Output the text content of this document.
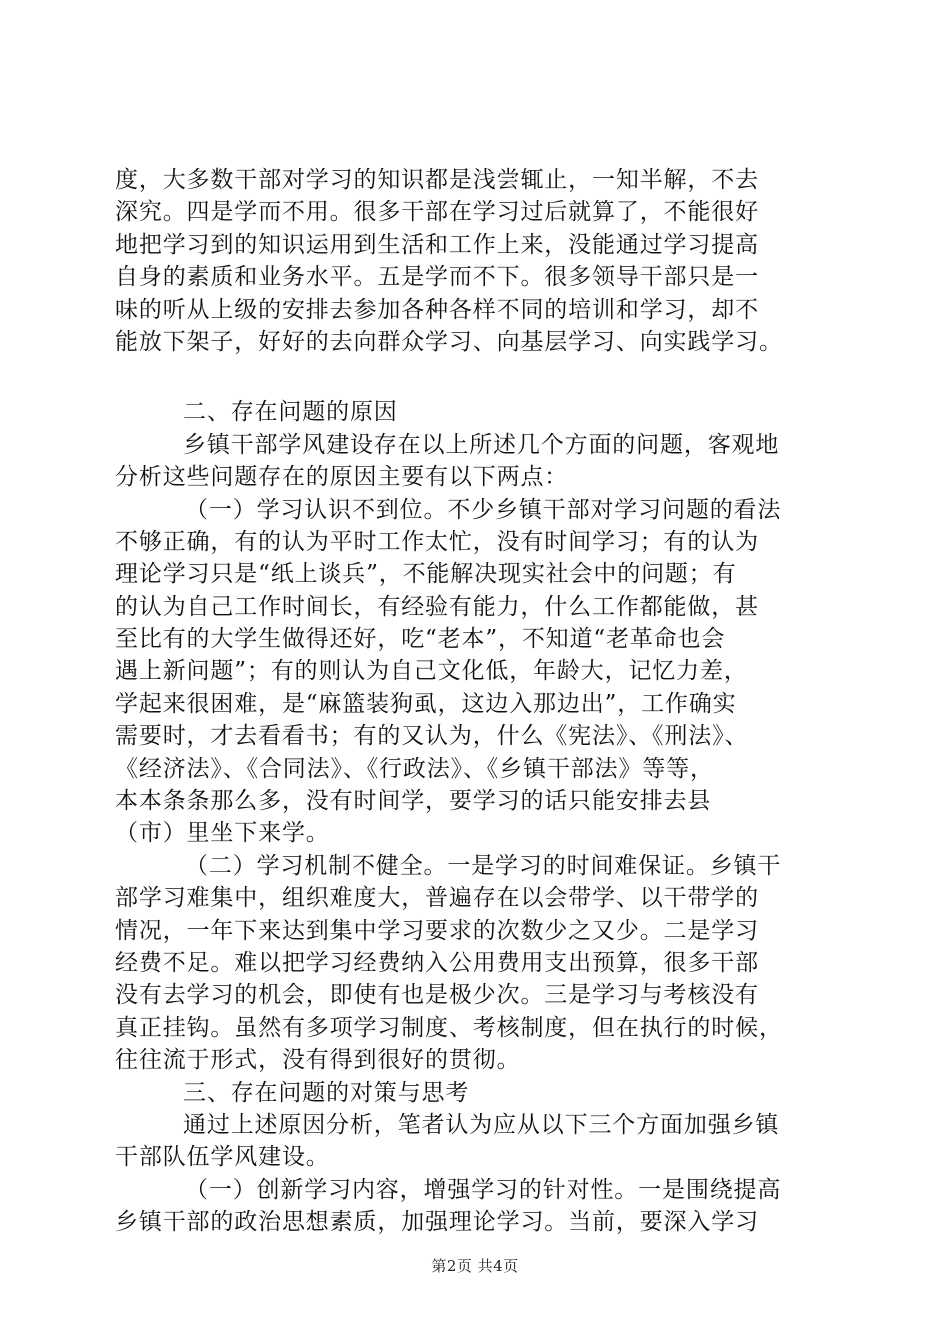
度，大多数干部对学习的知识都是浅尝辄止，一知半解，不去
深究。四是学而不用。很多干部在学习过后就算了，不能很好
地把学习到的知识运用到生活和工作上来，没能通过学习提高
自身的素质和业务水平。五是学而不下。很多领导干部只是一
味的听从上级的安排去参加各种各样不同的培训和学习，却不
能放下架子，好好的去向群众学习、向基层学习、向实践学习。
二、存在问题的原因
乡镇干部学风建设存在以上所述几个方面的问题，客观地
分析这些问题存在的原因主要有以下两点：
（一）学习认识不到位。不少乡镇干部对学习问题的看法
不够正确，有的认为平时工作太忙，没有时间学习；有的认为
理论学习只是“纸上谈兵”，不能解决现实社会中的问题；有
的认为自己工作时间长，有经验有能力，什么工作都能做，甚
至比有的大学生做得还好，吃“老本”，不知道“老革命也会
遇上新问题”；有的则认为自己文化低，年龄大，记忆力差，
学起来很困难，是“麻篮装狗虱，这边入那边出”，工作确实
需要时，才去看看书；有的又认为，什么《宪法》、《刑法》、
《经济法》、《合同法》、《行政法》、《乡镇干部法》等等，
本本条条那么多，没有时间学，要学习的话只能安排去县
（市）里坐下来学。
（二）学习机制不健全。一是学习的时间难保证。乡镇干
部学习难集中，组织难度大，普遍存在以会带学、以干带学的
情况，一年下来达到集中学习要求的次数少之又少。二是学习
经费不足。难以把学习经费纳入公用费用支出预算，很多干部
没有去学习的机会，即使有也是极少次。三是学习与考核没有
真正挂钩。虽然有多项学习制度、考核制度，但在执行的时候，
往往流于形式，没有得到很好的贯彻。
三、存在问题的对策与思考
通过上述原因分析，笔者认为应从以下三个方面加强乡镇
干部队伍学风建设。
（一）创新学习内容，增强学习的针对性。一是围绕提高
乡镇干部的政治思想素质，加强理论学习。当前，要深入学习
第2页 共4页
